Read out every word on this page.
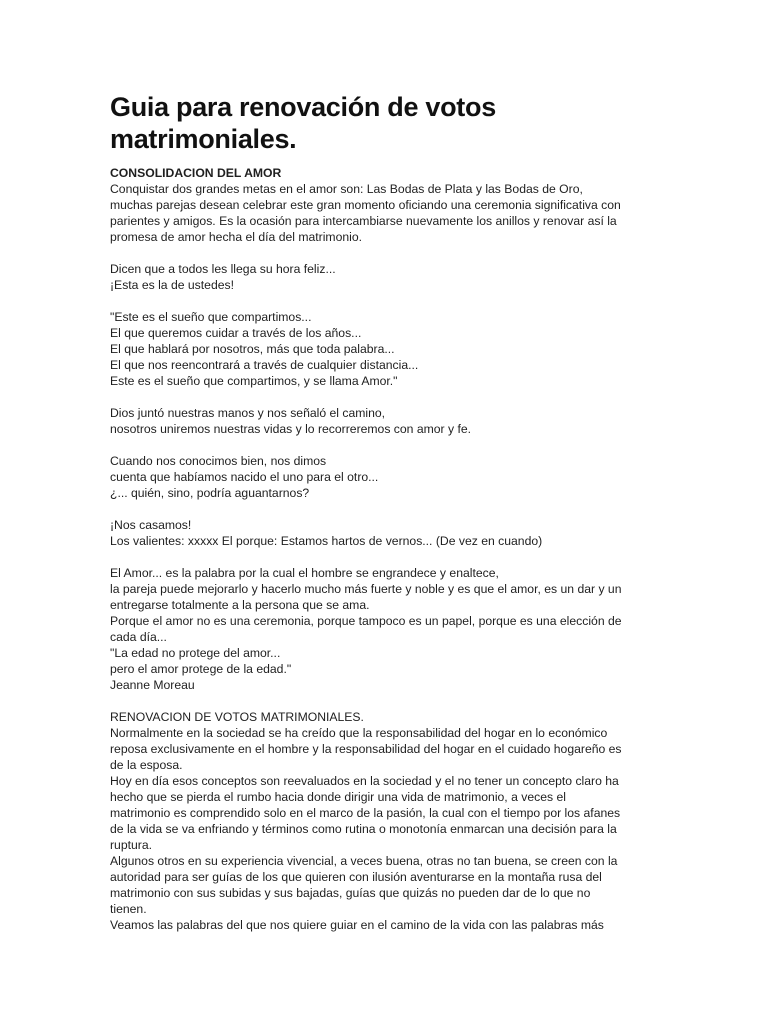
Guia para renovación de votos
matrimoniales.

CONSOLIDACION DEL AMOR

Conquistar dos grandes metas en el amor son: Las Bodas de Plata y las Bodas de Oro,

muchas parejas desean celebrar este gran momento oficiando una ceremonia significativa con

parientes y amigos. Es la ocasión para intercambiarse nuevamente los anillos y renovar así la

promesa de amor hecha el día del matrimonio.

Dicen que a todos les llega su hora feliz...

¡Esta es la de ustedes!

"Este es el sueño que compartimos...

El que queremos cuidar a través de los años...

El que hablará por nosotros, más que toda palabra...

El que nos reencontrará a través de cualquier distancia...

Este es el sueño que compartimos, y se llama Amor."

Dios juntó nuestras manos y nos señaló el camino,

nosotros uniremos nuestras vidas y lo recorreremos con amor y fe.

Cuando nos conocimos bien, nos dimos

cuenta que habíamos nacido el uno para el otro...

¿... quién, sino, podría aguantarnos?

¡Nos casamos!

Los valientes: xxxxx El porque: Estamos hartos de vernos... (De vez en cuando)

El Amor... es la palabra por la cual el hombre se engrandece y enaltece,

la pareja puede mejorarlo y hacerlo mucho más fuerte y noble y es que el amor, es un dar y un

entregarse totalmente a la persona que se ama.

Porque el amor no es una ceremonia, porque tampoco es un papel, porque es una elección de

cada día...

"La edad no protege del amor...

pero el amor protege de la edad."

Jeanne Moreau

RENOVACION DE VOTOS MATRIMONIALES.

Normalmente en la sociedad se ha creído que la responsabilidad del hogar en lo económico

reposa exclusivamente en el hombre y la responsabilidad del hogar en el cuidado hogareño es

de la esposa.

Hoy en día esos conceptos son reevaluados en la sociedad y el no tener un concepto claro ha

hecho que se pierda el rumbo hacia donde dirigir una vida de matrimonio, a veces el

matrimonio es comprendido solo en el marco de la pasión, la cual con el tiempo por los afanes

de la vida se va enfriando y términos como rutina o monotonía enmarcan una decisión para la

ruptura.

Algunos otros en su experiencia vivencial, a veces buena, otras no tan buena, se creen con la

autoridad para ser guías de los que quieren con ilusión aventurarse en la montaña rusa del

matrimonio con sus subidas y sus bajadas, guías que quizás no pueden dar de lo que no

tienen.

Veamos las palabras del que nos quiere guiar en el camino de la vida con las palabras más
